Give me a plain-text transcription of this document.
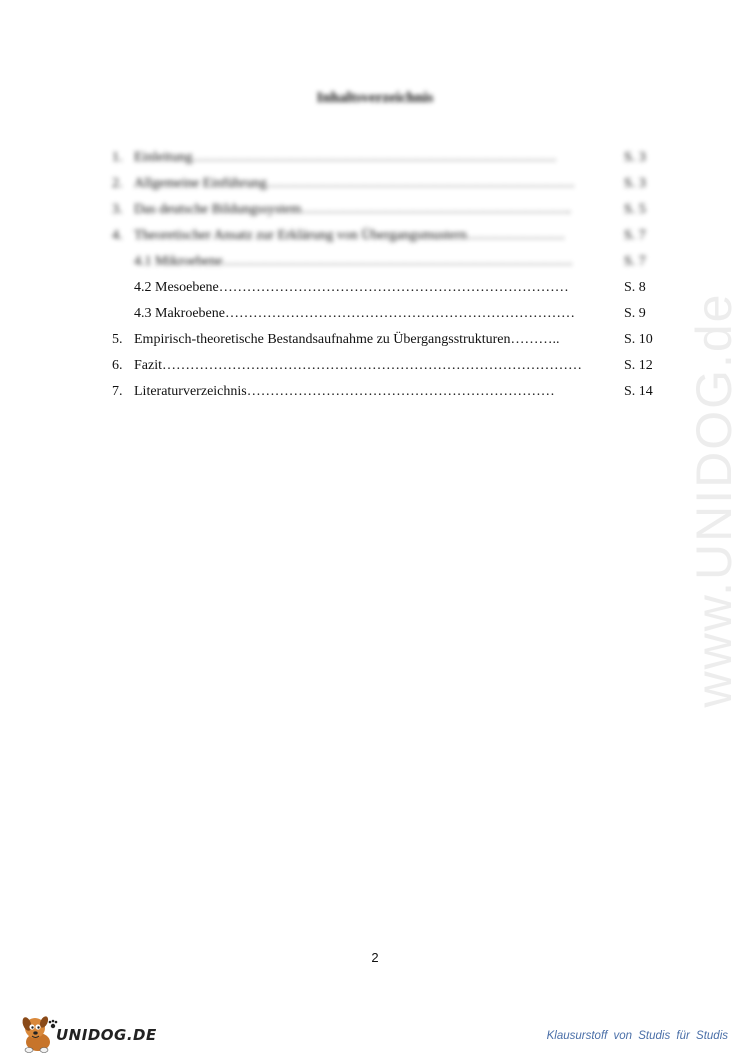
www.UNIDOG.de
Inhaltsverzeichnis
1. Einleitung……………………………………………………………………	S. 3
2. Allgemeine Einführung…………………………………………………………	S. 3
3. Das deutsche Bildungssystem………………………………………………….	S. 5
4. Theoretischer Ansatz zur Erklärung von Übergangsmustern…………………	S. 7
4.1 Mikroebene…………………………………………………………………	S. 7
4.2 Mesoebene…………………………………………………………………	S. 8
4.3 Makroebene…………………………………………………………………	S. 9
5. Empirisch-theoretische Bestandsaufnahme zu Übergangsstrukturen………..	S. 10
6. Fazit………………………………………………………………………………	S. 12
7. Literaturverzeichnis…………………………………………………………	S. 14
2
UNIDOG.DE	Klausurstoff von Studis für Studis
